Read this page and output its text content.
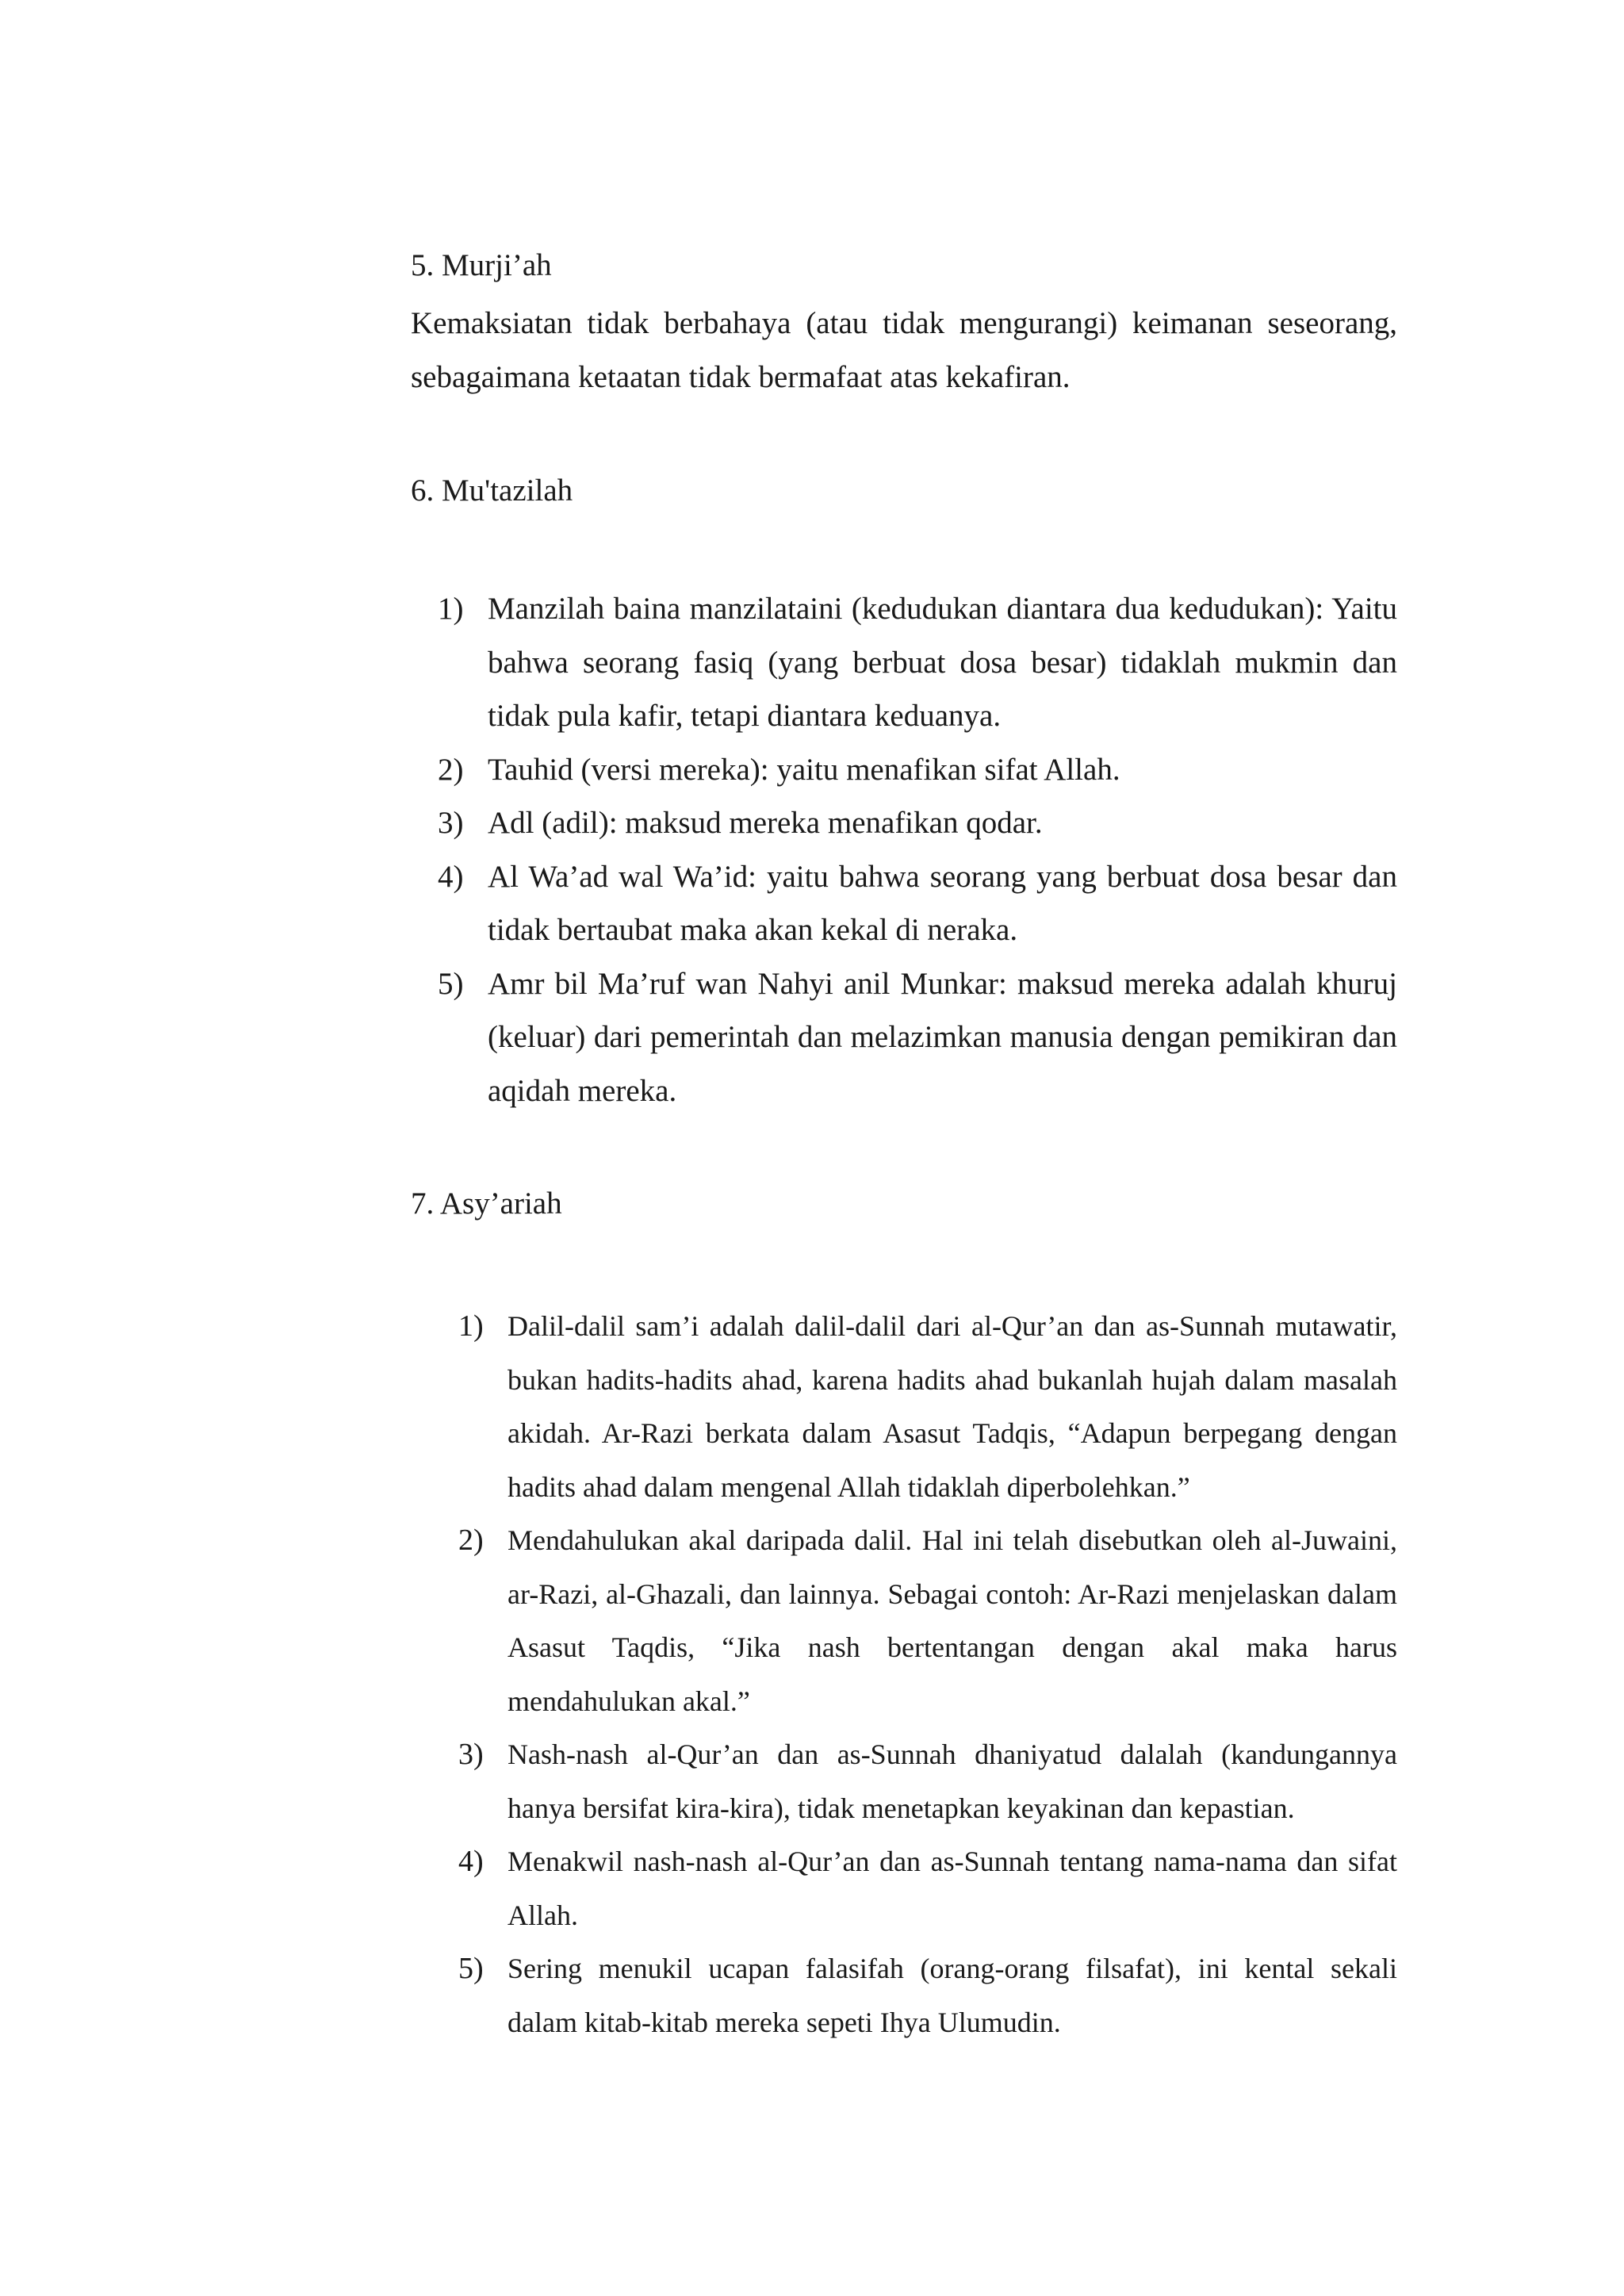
5. Murji’ah

Kemaksiatan tidak berbahaya (atau tidak mengurangi) keimanan seseorang, sebagaimana ketaatan tidak bermafaat atas kekafiran.

6. Mu'tazilah

1) Manzilah baina manzilataini (kedudukan diantara dua kedudukan): Yaitu bahwa seorang fasiq (yang berbuat dosa besar) tidaklah mukmin dan tidak pula kafir, tetapi diantara keduanya.
2) Tauhid (versi mereka): yaitu menafikan sifat Allah.
3) Adl (adil): maksud mereka menafikan qodar.
4) Al Wa’ad wal Wa’id: yaitu bahwa seorang yang berbuat dosa besar dan tidak bertaubat maka akan kekal di neraka.
5) Amr bil Ma’ruf wan Nahyi anil Munkar: maksud mereka adalah khuruj (keluar) dari pemerintah dan melazimkan manusia dengan pemikiran dan aqidah mereka.

7. Asy’ariah

1) Dalil-dalil sam’i adalah dalil-dalil dari al-Qur’an dan as-Sunnah mutawatir, bukan hadits-hadits ahad, karena hadits ahad bukanlah hujah dalam masalah akidah. Ar-Razi berkata dalam Asasut Tadqis, “Adapun berpegang dengan hadits ahad dalam mengenal Allah tidaklah diperbolehkan.”
2) Mendahulukan akal daripada dalil. Hal ini telah disebutkan oleh al-Juwaini, ar-Razi, al-Ghazali, dan lainnya. Sebagai contoh: Ar-Razi menjelaskan dalam Asasut Taqdis, “Jika nash bertentangan dengan akal maka harus mendahulukan akal.”
3) Nash-nash al-Qur’an dan as-Sunnah dhaniyatud dalalah (kandungannya hanya bersifat kira-kira), tidak menetapkan keyakinan dan kepastian.
4) Menakwil nash-nash al-Qur’an dan as-Sunnah tentang nama-nama dan sifat Allah.
5) Sering menukil ucapan falasifah (orang-orang filsafat), ini kental sekali dalam kitab-kitab mereka sepeti Ihya Ulumudin.
